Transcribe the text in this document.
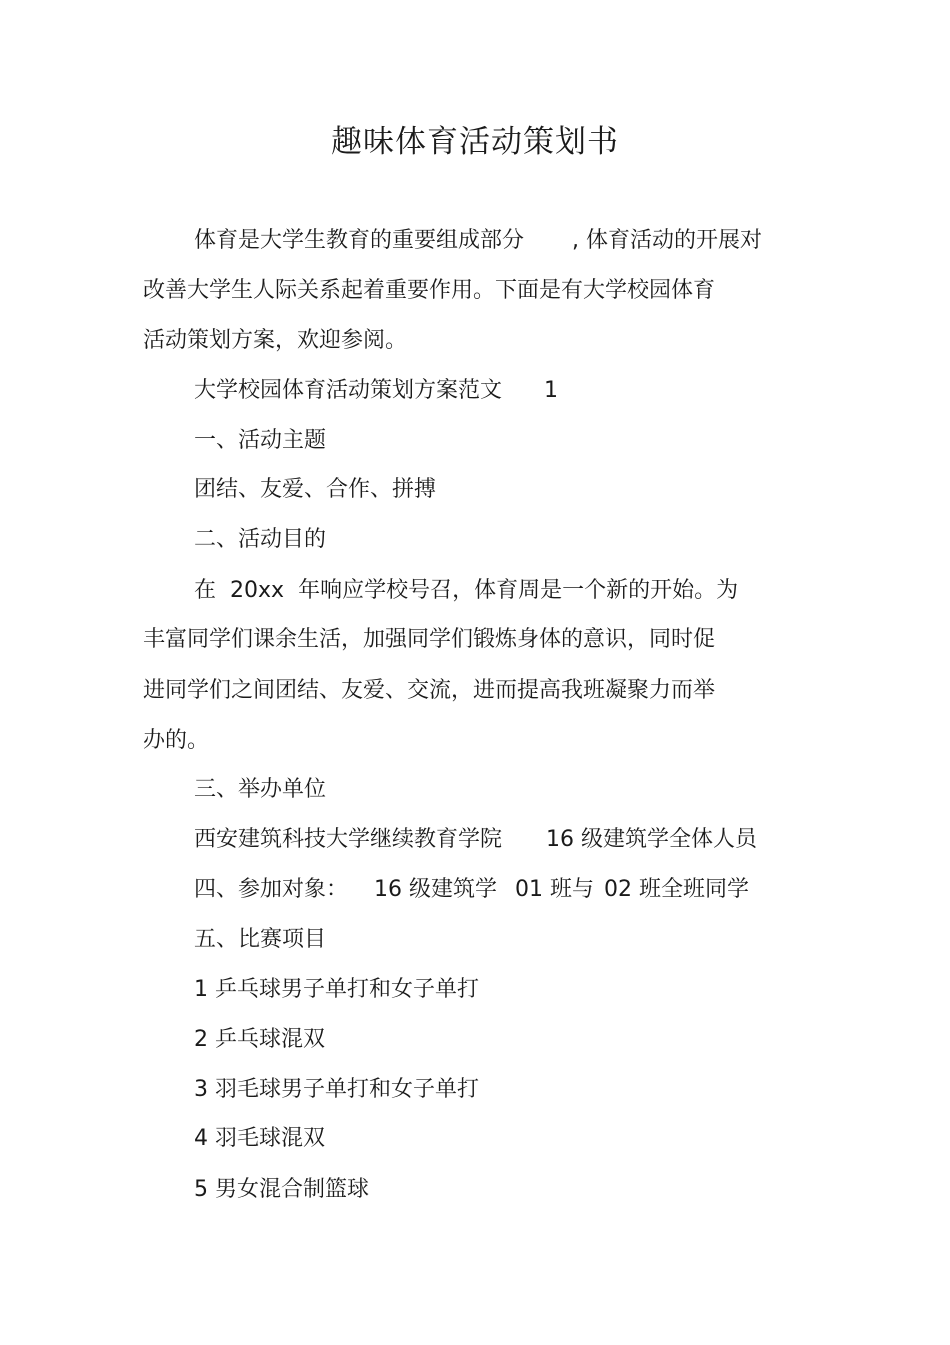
趣味体育活动策划书
体育是大学生教育的重要组成部分 , 体育活动的开展对
改善大学生人际关系起着重要作用。下面是有大学校园体育
活动策划方案，欢迎参阅。
大学校园体育活动策划方案范文 1
一、活动主题
团结、友爱、合作、拼搏
二、活动目的
在 20xx 年响应学校号召，体育周是一个新的开始。为
丰富同学们课余生活，加强同学们锻炼身体的意识，同时促
进同学们之间团结、友爱、交流，进而提高我班凝聚力而举
办的。
三、举办单位
西安建筑科技大学继续教育学院 16 级建筑学全体人员
四、参加对象： 16 级建筑学 01 班与 02 班全班同学
五、比赛项目
1 乒乓球男子单打和女子单打
2 乒乓球混双
3 羽毛球男子单打和女子单打
4 羽毛球混双
5 男女混合制篮球
